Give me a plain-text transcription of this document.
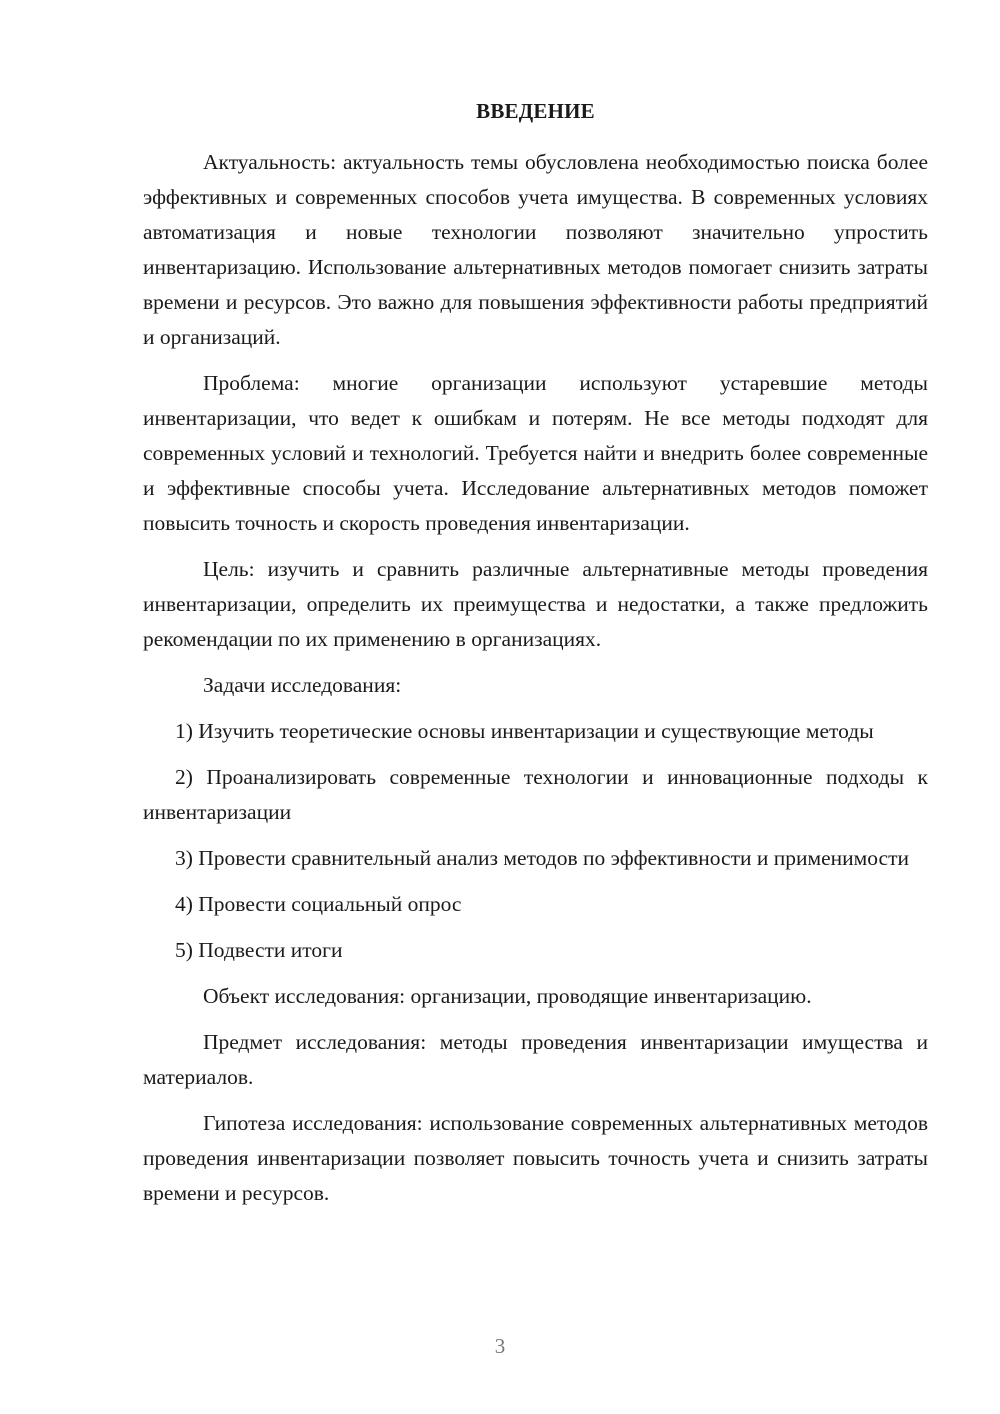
ВВЕДЕНИЕ

Актуальность: актуальность темы обусловлена необходимостью поиска более эффективных и современных способов учета имущества. В современных условиях автоматизация и новые технологии позволяют значительно упростить инвентаризацию. Использование альтернативных методов помогает снизить затраты времени и ресурсов. Это важно для повышения эффективности работы предприятий и организаций.

Проблема: многие организации используют устаревшие методы инвентаризации, что ведет к ошибкам и потерям. Не все методы подходят для современных условий и технологий. Требуется найти и внедрить более современные и эффективные способы учета. Исследование альтернативных методов поможет повысить точность и скорость проведения инвентаризации.

Цель: изучить и сравнить различные альтернативные методы проведения инвентаризации, определить их преимущества и недостатки, а также предложить рекомендации по их применению в организациях.

Задачи исследования:

1) Изучить теоретические основы инвентаризации и существующие методы

2) Проанализировать современные технологии и инновационные подходы к инвентаризации

3) Провести сравнительный анализ методов по эффективности и применимости

4) Провести социальный опрос

5) Подвести итоги

Объект исследования: организации, проводящие инвентаризацию.

Предмет исследования: методы проведения инвентаризации имущества и материалов.

Гипотеза исследования: использование современных альтернативных методов проведения инвентаризации позволяет повысить точность учета и снизить затраты времени и ресурсов.

3
